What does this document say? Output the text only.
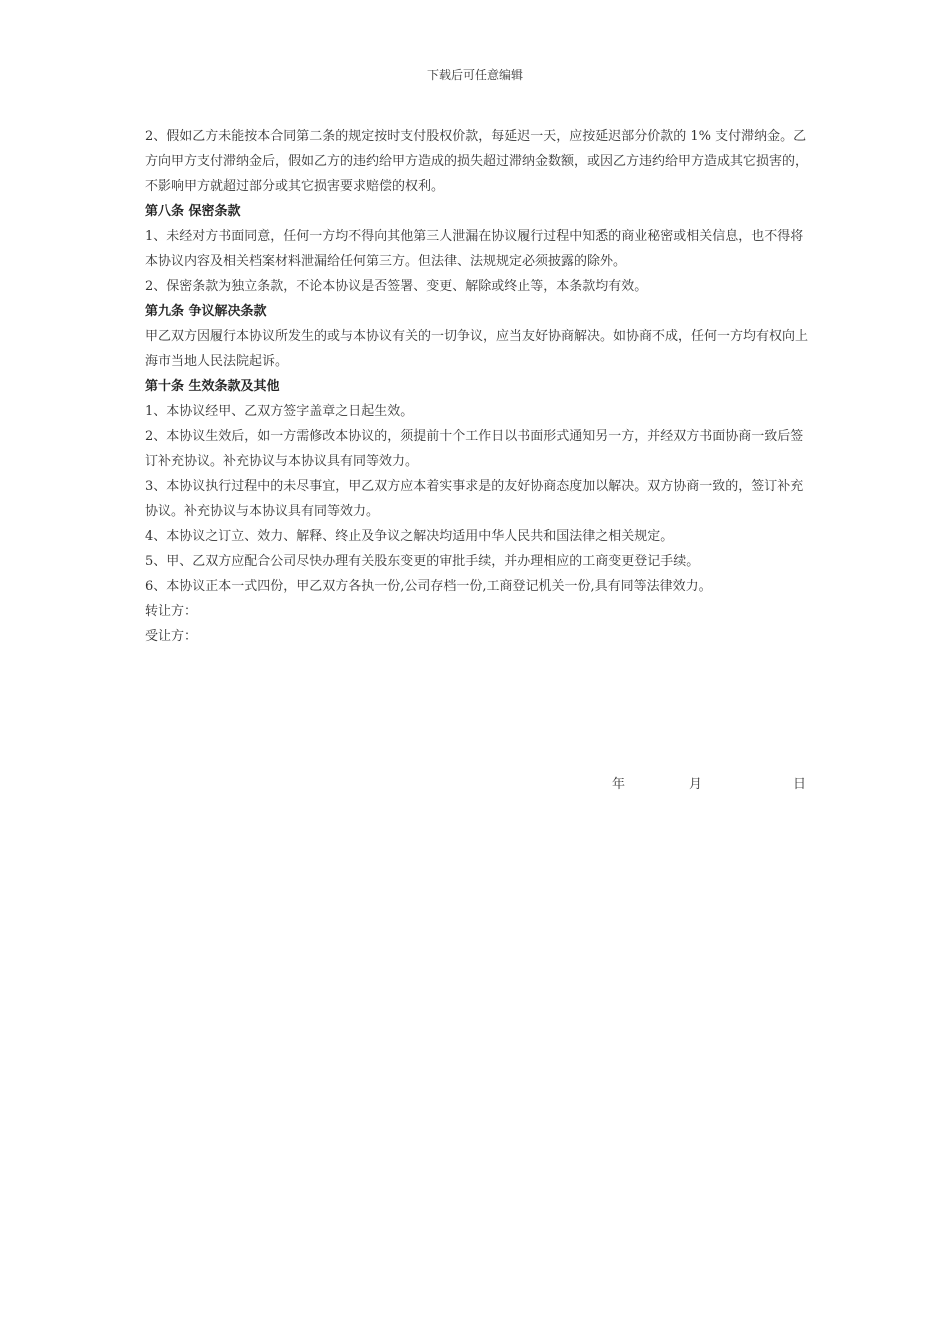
下载后可任意编辑

2、假如乙方未能按本合同第二条的规定按时支付股权价款，每延迟一天，应按延迟部分价款的 1% 支付滞纳金。乙方向甲方支付滞纳金后，假如乙方的违约给甲方造成的损失超过滞纳金数额，或因乙方违约给甲方造成其它损害的，不影响甲方就超过部分或其它损害要求赔偿的权利。

第八条 保密条款

1、未经对方书面同意，任何一方均不得向其他第三人泄漏在协议履行过程中知悉的商业秘密或相关信息，也不得将本协议内容及相关档案材料泄漏给任何第三方。但法律、法规规定必须披露的除外。

2、保密条款为独立条款，不论本协议是否签署、变更、解除或终止等，本条款均有效。

第九条 争议解决条款

甲乙双方因履行本协议所发生的或与本协议有关的一切争议，应当友好协商解决。如协商不成，任何一方均有权向上海市当地人民法院起诉。

第十条 生效条款及其他

1、本协议经甲、乙双方签字盖章之日起生效。

2、本协议生效后，如一方需修改本协议的，须提前十个工作日以书面形式通知另一方，并经双方书面协商一致后签订补充协议。补充协议与本协议具有同等效力。

3、本协议执行过程中的未尽事宜，甲乙双方应本着实事求是的友好协商态度加以解决。双方协商一致的，签订补充协议。补充协议与本协议具有同等效力。

4、本协议之订立、效力、解释、终止及争议之解决均适用中华人民共和国法律之相关规定。

5、甲、乙双方应配合公司尽快办理有关股东变更的审批手续，并办理相应的工商变更登记手续。

6、本协议正本一式四份，甲乙双方各执一份,公司存档一份,工商登记机关一份,具有同等法律效力。

转让方：

受让方：

年	月	日
